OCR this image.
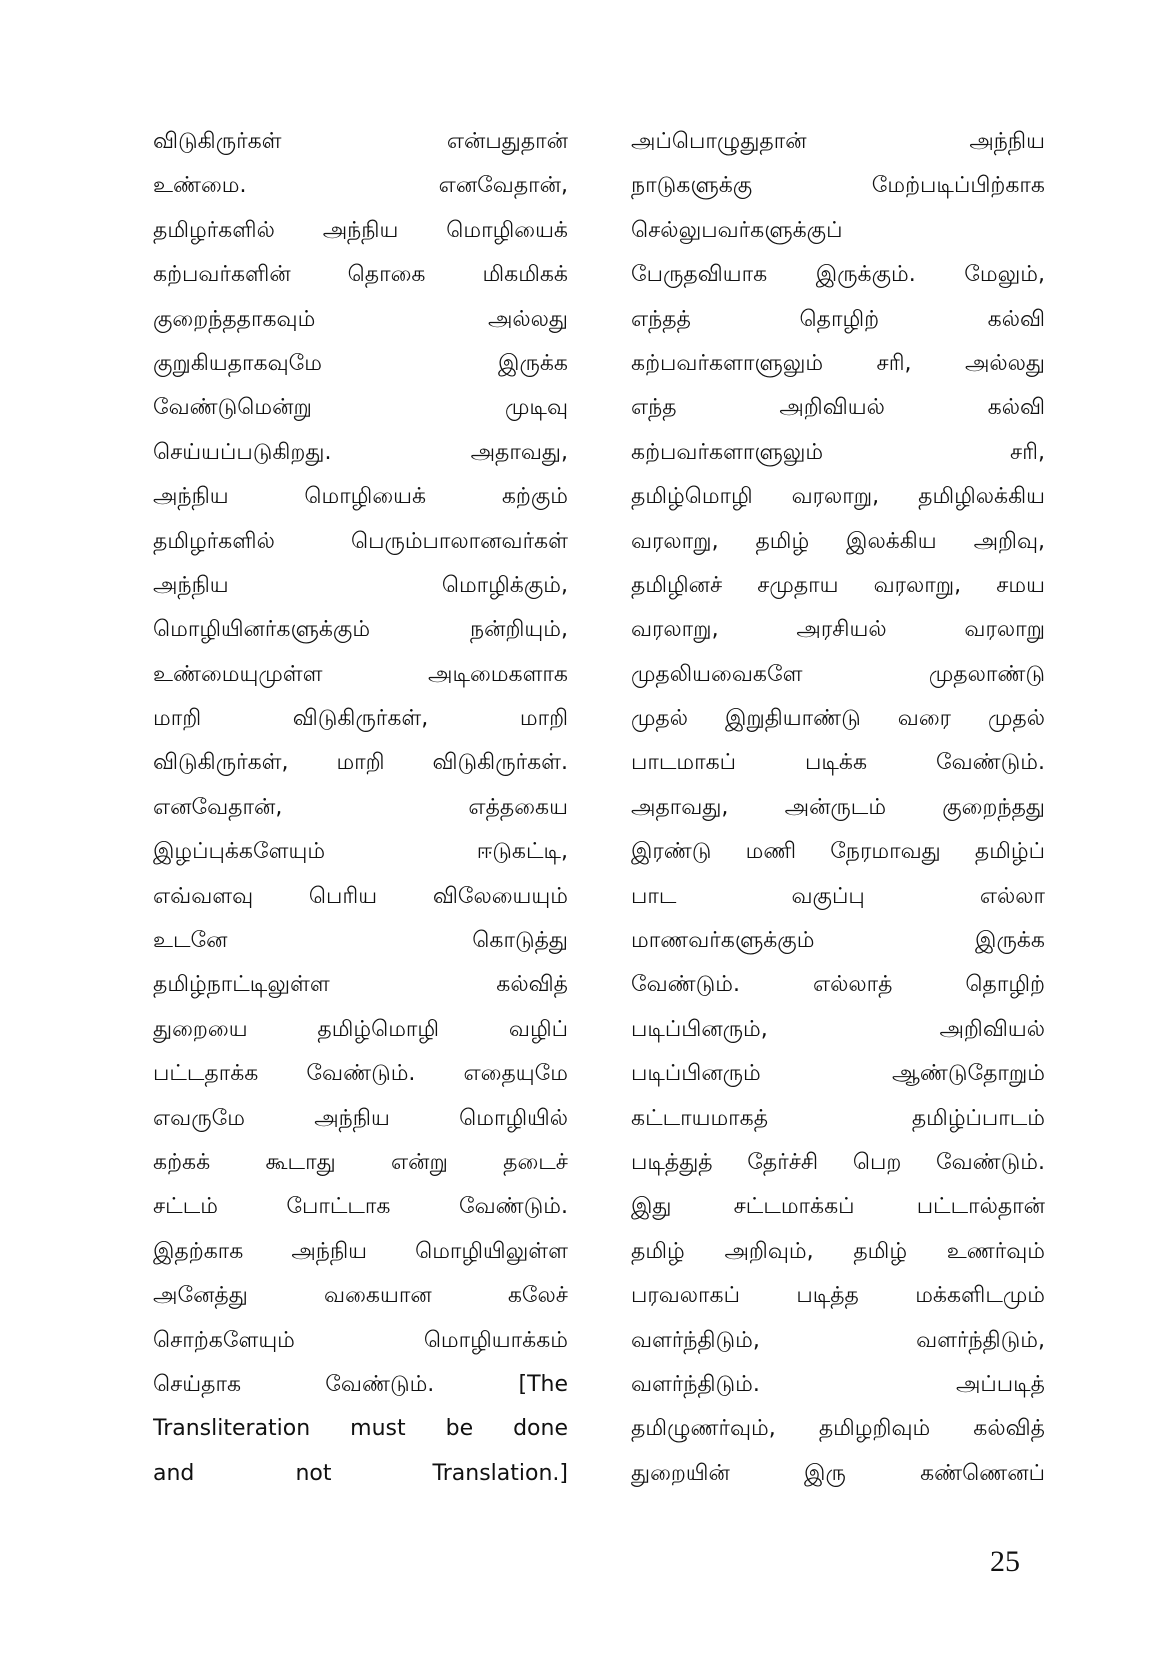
விடுகிருர்கள் என்பதுதான்
உண்மை. எனவேதான்,
தமிழர்களில் அந்நிய மொழியைக்
கற்பவர்களின் தொகை மிகமிகக்
குறைந்ததாகவும் அல்லது
குறுகியதாகவுமே இருக்க
வேண்டுமென்று முடிவு
செய்யப்படுகிறது. அதாவது,
அந்நிய மொழியைக் கற்கும்
தமிழர்களில் பெரும்பாலானவர்கள்
அந்நிய மொழிக்கும்,
மொழியினர்களுக்கும் நன்றியும்,
உண்மையுமுள்ள அடிமைகளாக
மாறி விடுகிருர்கள், மாறி
விடுகிருர்கள், மாறி விடுகிருர்கள்.
எனவேதான், எத்தகைய
இழப்புக்களேயும் ஈடுகட்டி,
எவ்வளவு பெரிய விலேயையும்
உடனே கொடுத்து
தமிழ்நாட்டிலுள்ள கல்வித்
துறையை தமிழ்மொழி வழிப்
பட்டதாக்க வேண்டும். எதையுமே
எவருமே அந்நிய மொழியில்
கற்கக் கூடாது என்று தடைச்
சட்டம் போட்டாக வேண்டும்.
இதற்காக அந்நிய மொழியிலுள்ள
அனேத்து வகையான கலேச்
சொற்களேயும் மொழியாக்கம்
செய்தாக வேண்டும். [The
Transliteration must be done
and not Translation.]
அப்பொழுதுதான் அந்நிய
நாடுகளுக்கு மேற்படிப்பிற்காக
செல்லுபவர்களுக்குப்
பேருதவியாக இருக்கும். மேலும்,
எந்தத் தொழிற் கல்வி
கற்பவர்களாளுலும் சரி, அல்லது
எந்த அறிவியல் கல்வி
கற்பவர்களாளுலும் சரி,
தமிழ்மொழி வரலாறு, தமிழிலக்கிய
வரலாறு, தமிழ் இலக்கிய அறிவு,
தமிழினச் சமுதாய வரலாறு, சமய
வரலாறு, அரசியல் வரலாறு
முதலியவைகளே முதலாண்டு
முதல் இறுதியாண்டு வரை முதல்
பாடமாகப் படிக்க வேண்டும்.
அதாவது, அன்ருடம் குறைந்தது
இரண்டு மணி நேரமாவது தமிழ்ப்
பாட வகுப்பு எல்லா
மாணவர்களுக்கும் இருக்க
வேண்டும். எல்லாத் தொழிற்
படிப்பினரும், அறிவியல்
படிப்பினரும் ஆண்டுதோறும்
கட்டாயமாகத் தமிழ்ப்பாடம்
படித்துத் தேர்ச்சி பெற வேண்டும்.
இது சட்டமாக்கப் பட்டால்தான்
தமிழ் அறிவும், தமிழ் உணர்வும்
பரவலாகப் படித்த மக்களிடமும்
வளர்ந்திடும், வளர்ந்திடும்,
வளர்ந்திடும். அப்படித்
தமிழுணர்வும், தமிழறிவும் கல்வித்
துறையின் இரு கண்ணெனப்
25
